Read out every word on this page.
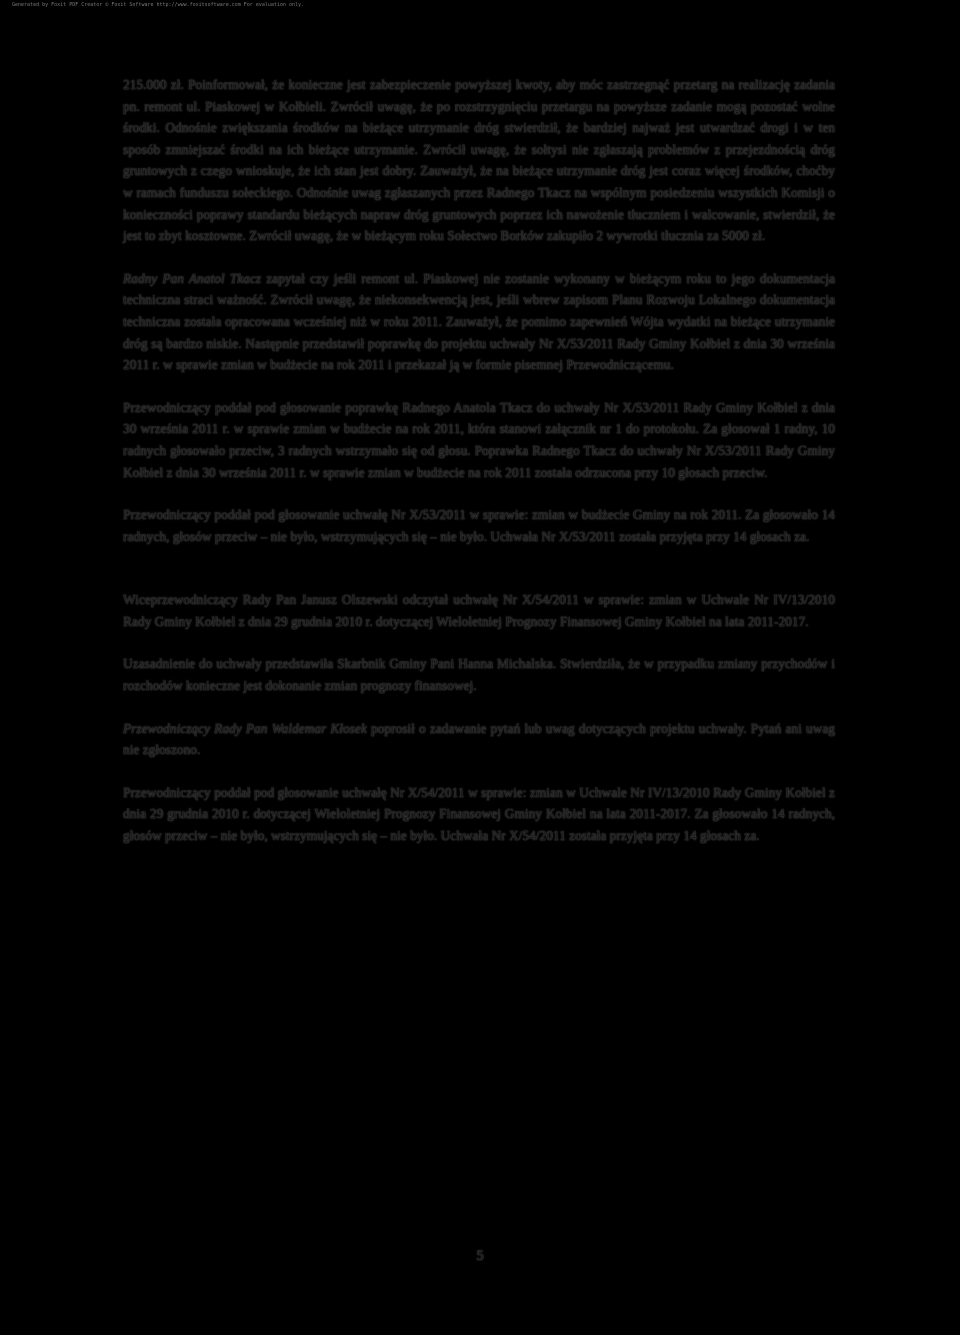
Generated by Foxit PDF Creator © Foxit Software http://www.foxitsoftware.com For evaluation only.

215.000 zł. Poinformował, że konieczne jest zabezpieczenie powyższej kwoty, aby móc zastrzegnąć przetarg na realizację zadania pn. remont ul. Piaskowej w Kołbieli. Zwrócił uwagę, że po rozstrzygnięciu przetargu na powyższe zadanie mogą pozostać wolne środki. Odnośnie zwiększania środków na bieżące utrzymanie dróg stwierdził, że bardziej najważ jest utwardzać drogi i w ten sposób zmniejszać środki na ich bieżące utrzymanie. Zwrócił uwagę, że sołtysi nie zgłaszają problemów z przejezdnością dróg gruntowych z czego wnioskuje, że ich stan jest dobry. Zauważył, że na bieżące utrzymanie dróg jest coraz więcej środków, choćby w ramach funduszu sołeckiego. Odnośnie uwag zgłaszanych przez Radnego Tkacz na wspólnym posiedzeniu wszystkich Komisji o konieczności poprawy standardu bieżących napraw dróg gruntowych poprzez ich nawożenie tłuczniem i walcowanie, stwierdził, że jest to zbyt kosztowne. Zwrócił uwagę, że w bieżącym roku Sołectwo Borków zakupiło 2 wywrotki tłucznia za 5000 zł.

Radny Pan Anatol Tkacz zapytał czy jeśli remont ul. Piaskowej nie zostanie wykonany w bieżącym roku to jego dokumentacja techniczna straci ważność. Zwrócił uwagę, że niekonsekwencją jest, jeśli wbrew zapisom Planu Rozwoju Lokalnego dokumentacja techniczna została opracowana wcześniej niż w roku 2011. Zauważył, że pomimo zapewnień Wójta wydatki na bieżące utrzymanie dróg są bardzo niskie. Następnie przedstawił poprawkę do projektu uchwały Nr X/53/2011 Rady Gminy Kołbiel z dnia 30 września 2011 r. w sprawie zmian w budżecie na rok 2011 i przekazał ją w formie pisemnej Przewodniczącemu.

Przewodniczący poddał pod głosowanie poprawkę Radnego Anatola Tkacz do uchwały Nr X/53/2011 Rady Gminy Kołbiel z dnia 30 września 2011 r. w sprawie zmian w budżecie na rok 2011, która stanowi załącznik nr 1 do protokołu. Za głosował 1 radny, 10 radnych głosowało przeciw, 3 radnych wstrzymało się od głosu. Poprawka Radnego Tkacz do uchwały Nr X/53/2011 Rady Gminy Kołbiel z dnia 30 września 2011 r. w sprawie zmian w budżecie na rok 2011 została odrzucona przy 10 głosach przeciw.

Przewodniczący poddał pod głosowanie uchwałę Nr X/53/2011 w sprawie: zmian w budżecie Gminy na rok 2011. Za głosowało 14 radnych, głosów przeciw – nie było, wstrzymujących się – nie było. Uchwała Nr X/53/2011 została przyjęta przy 14 głosach za.

Wiceprzewodniczący Rady Pan Janusz Olszewski odczytał uchwałę Nr X/54/2011 w sprawie: zmian w Uchwale Nr IV/13/2010 Rady Gminy Kołbiel z dnia 29 grudnia 2010 r. dotyczącej Wieloletniej Prognozy Finansowej Gminy Kołbiel na lata 2011-2017.

Uzasadnienie do uchwały przedstawiła Skarbnik Gminy Pani Hanna Michalska. Stwierdziła, że w przypadku zmiany przychodów i rozchodów konieczne jest dokonanie zmian prognozy finansowej.

Przewodniczący Rady Pan Waldemar Kłosek poprosił o zadawanie pytań lub uwag dotyczących projektu uchwały. Pytań ani uwag nie zgłoszono.

Przewodniczący poddał pod głosowanie uchwałę Nr X/54/2011 w sprawie: zmian w Uchwale Nr IV/13/2010 Rady Gminy Kołbiel z dnia 29 grudnia 2010 r. dotyczącej Wieloletniej Prognozy Finansowej Gminy Kołbiel na lata 2011-2017. Za głosowało 14 radnych, głosów przeciw – nie było, wstrzymujących się – nie było. Uchwała Nr X/54/2011 została przyjęta przy 14 głosach za.

5
